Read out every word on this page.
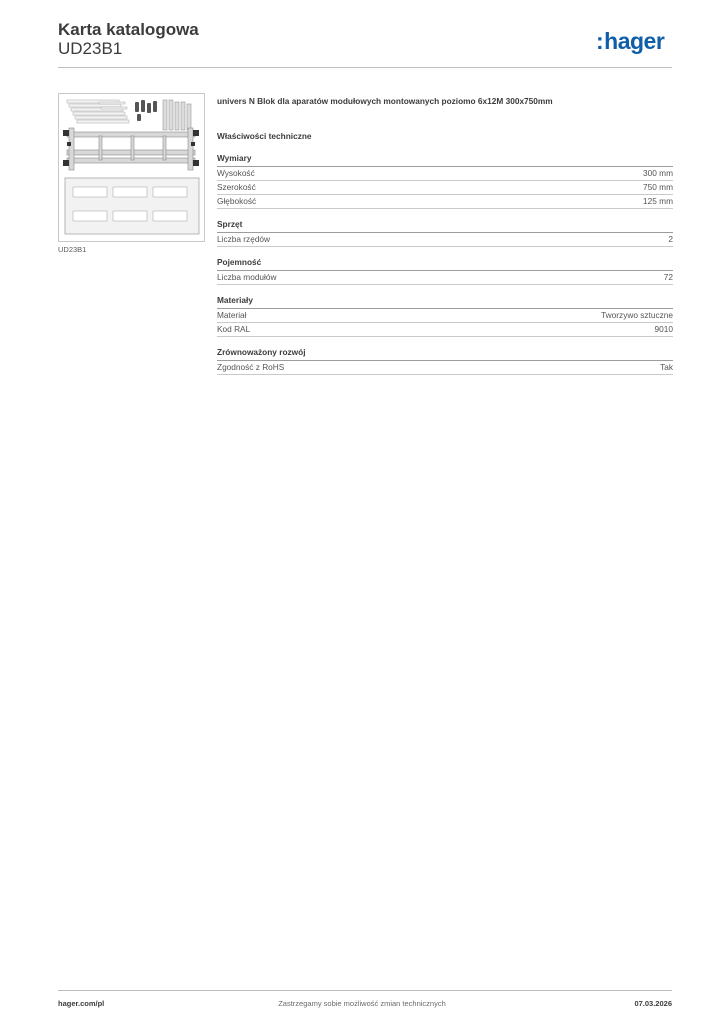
Karta katalogowa
UD23B1	:hager
UD23B1
univers N Blok dla aparatów modułowych montowanych poziomo 6x12M 300x750mm
Właściwości techniczne
Wymiary
Wysokość	300 mm
Szerokość	750 mm
Głębokość	125 mm
Sprzęt
Liczba rzędów	2
Pojemność
Liczba modułów	72
Materiały
Materiał	Tworzywo sztuczne
Kod RAL	9010
Zrównoważony rozwój
Zgodność z RoHS	Tak
hager.com/pl	Zastrzegamy sobie możliwość zmian technicznych	07.03.2026
